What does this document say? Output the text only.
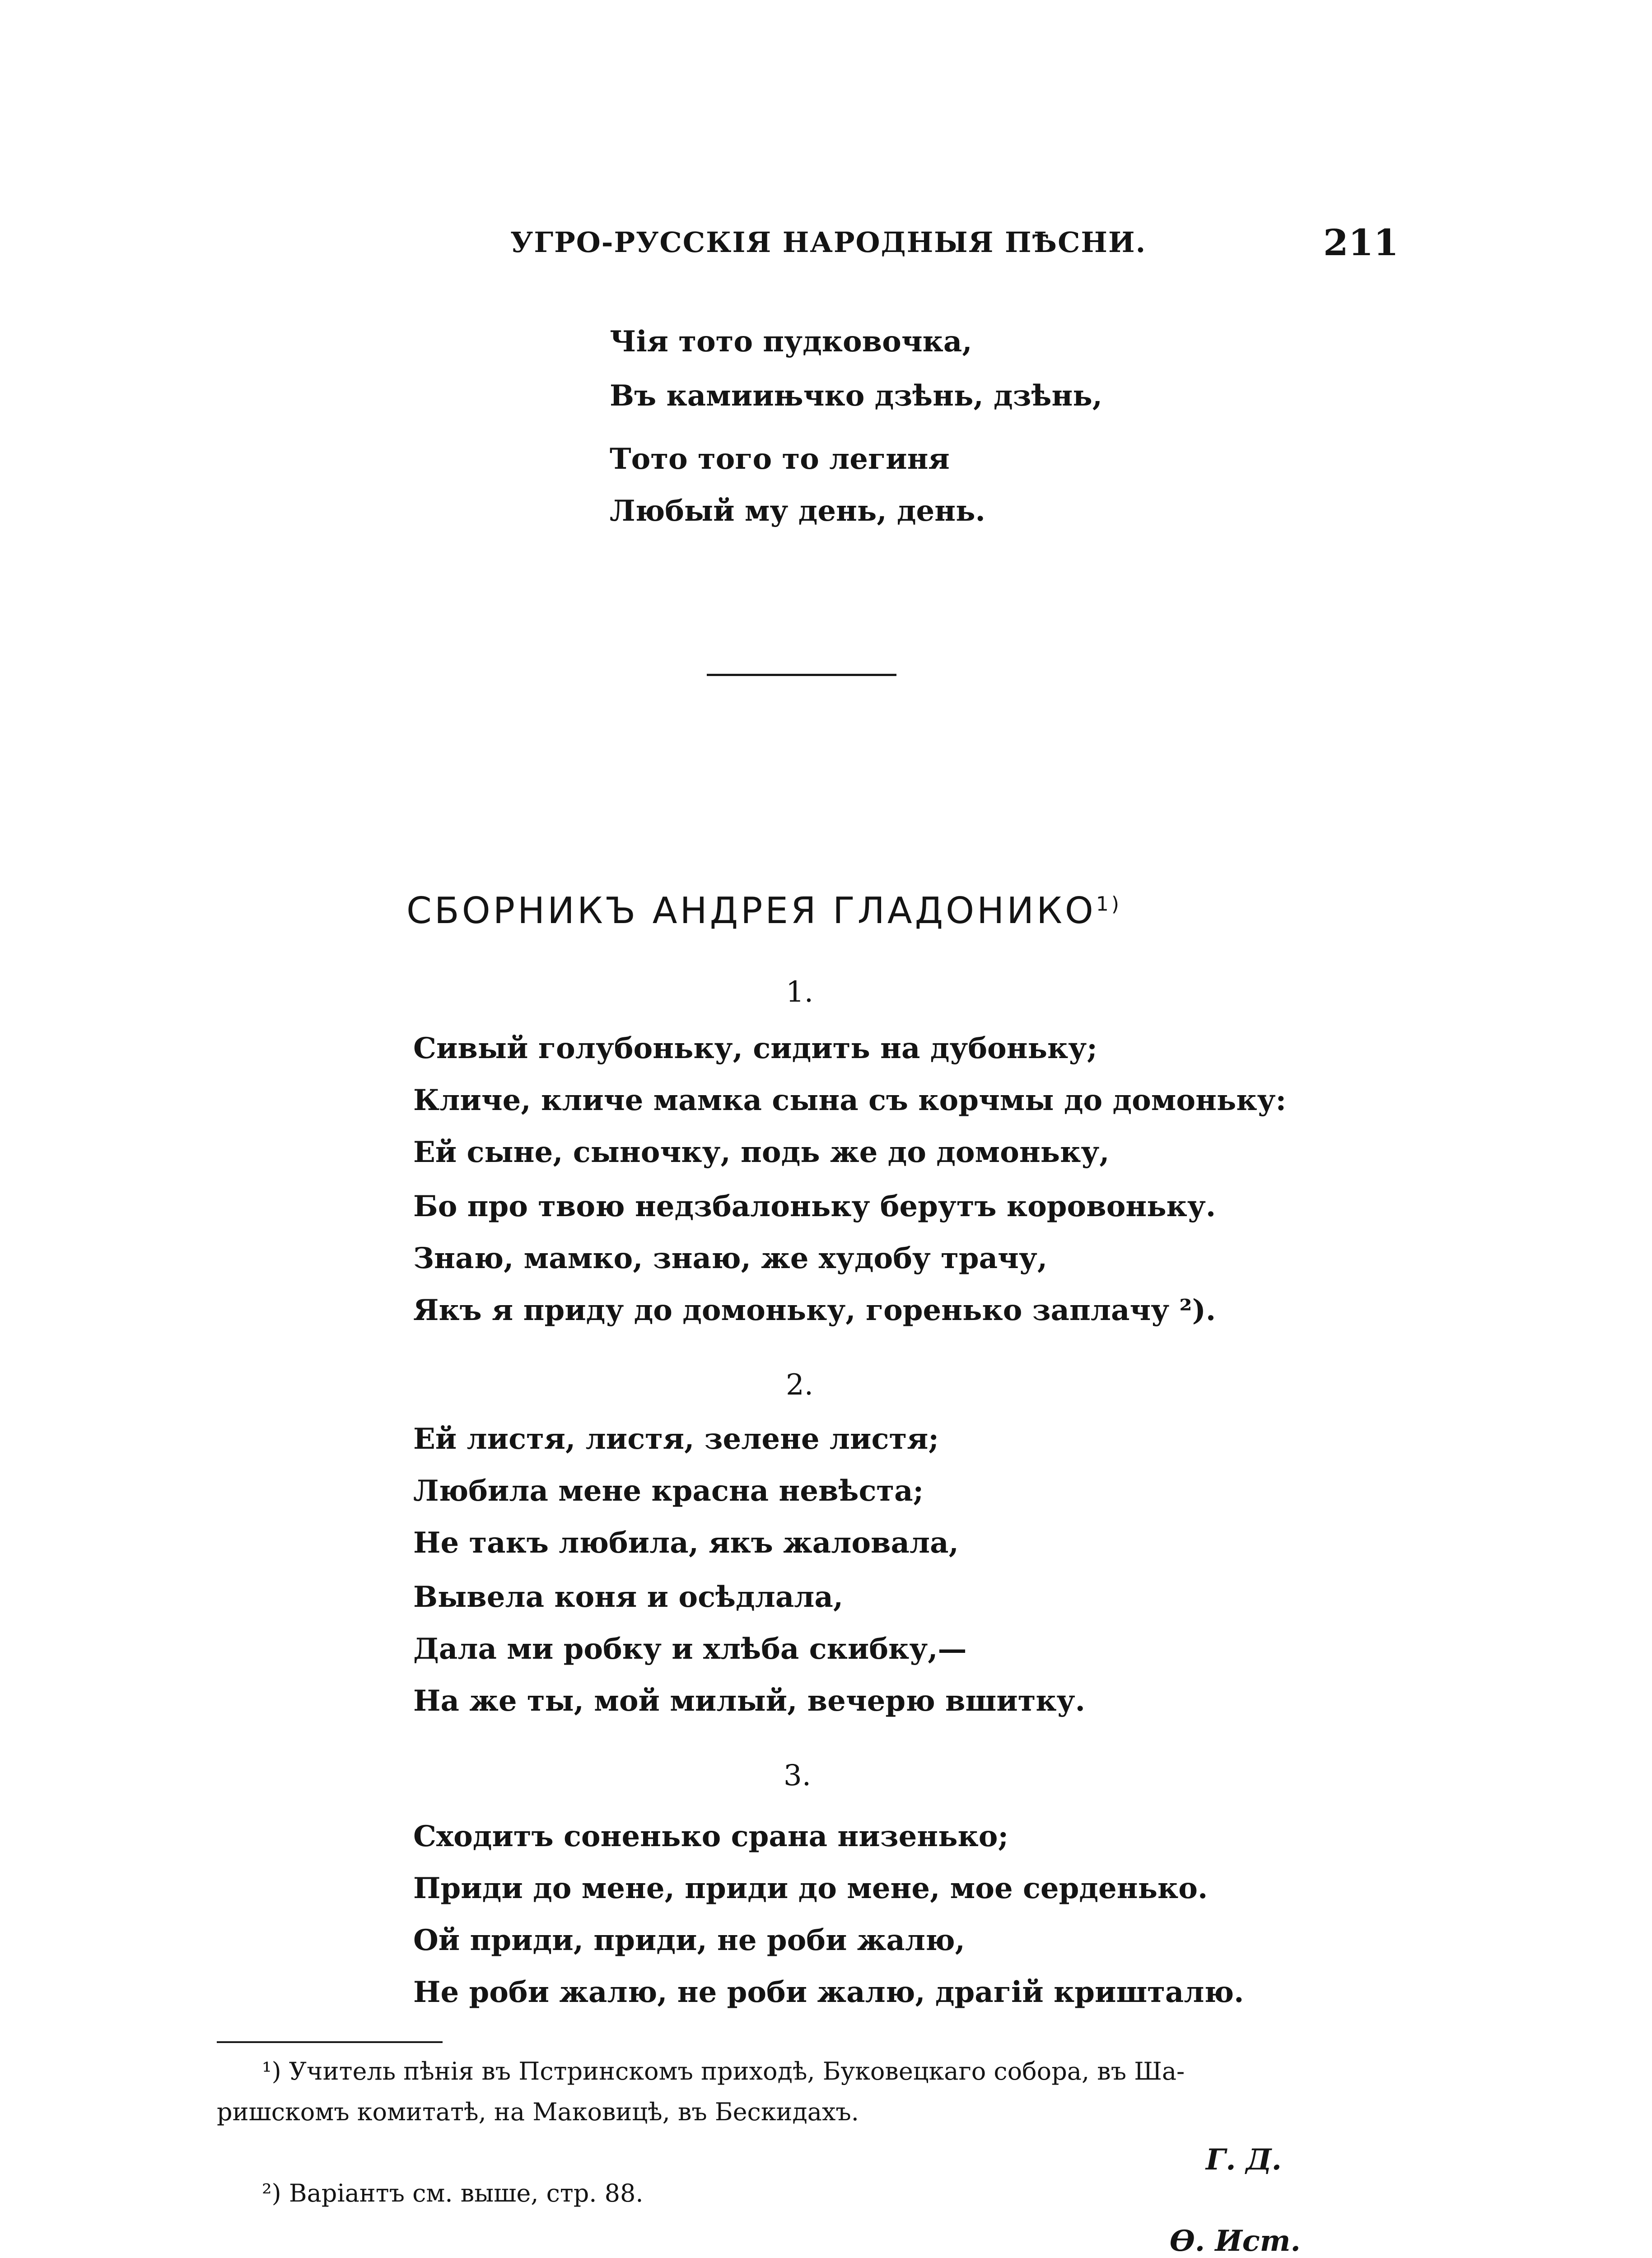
УГРО-РУССКІЯ НАРОДНЫЯ ПѢСНИ.	211
Чія тото пудковочка,
Въ камиињчко дзѣнь, дзѣнь,
Тото того то легиня
Любый му день, день.
СБОРНИКЪ АНДРЕЯ ГЛАДОНИКО$^{1)}$
1.
Сивый голубоньку, сидить на дубоньку;
Кличе, кличе мамка сына съ корчмы до домоньку:
Ей сыне, сыночку, подь же до домоньку,
Бо про твою недзбалоньку берутъ коровоньку.
Знаю, мамко, знаю, же худобу трачу,
Якъ я приду до домоньку, гоpенько заплачу ²).
2.
Ей листя, листя, зелене листя;
Любила мене красна невѣста;
Не такъ любила, якъ жаловала,
Вывела коня и осѣдлала,
Дала ми робку и хлѣба скибку,—
На же ты, мой милый, вечерю вшитку.
3.
Сходитъ соненько срана низенько;
Приди до мене, приди до мене, мое серденько.
Ой приди, приди, не роби жалю,
Не роби жалю, не роби жалю, драгій кришталю.
¹) Учитель пѣнія въ Пстринскомъ приходѣ, Буковецкаго собора, въ Ша-
ришскомъ комитатѣ, на Маковицѣ, въ Бескидахъ.
Г. Д.
²) Варіантъ см. выше, стр. 88.
Ѳ. Ист.
